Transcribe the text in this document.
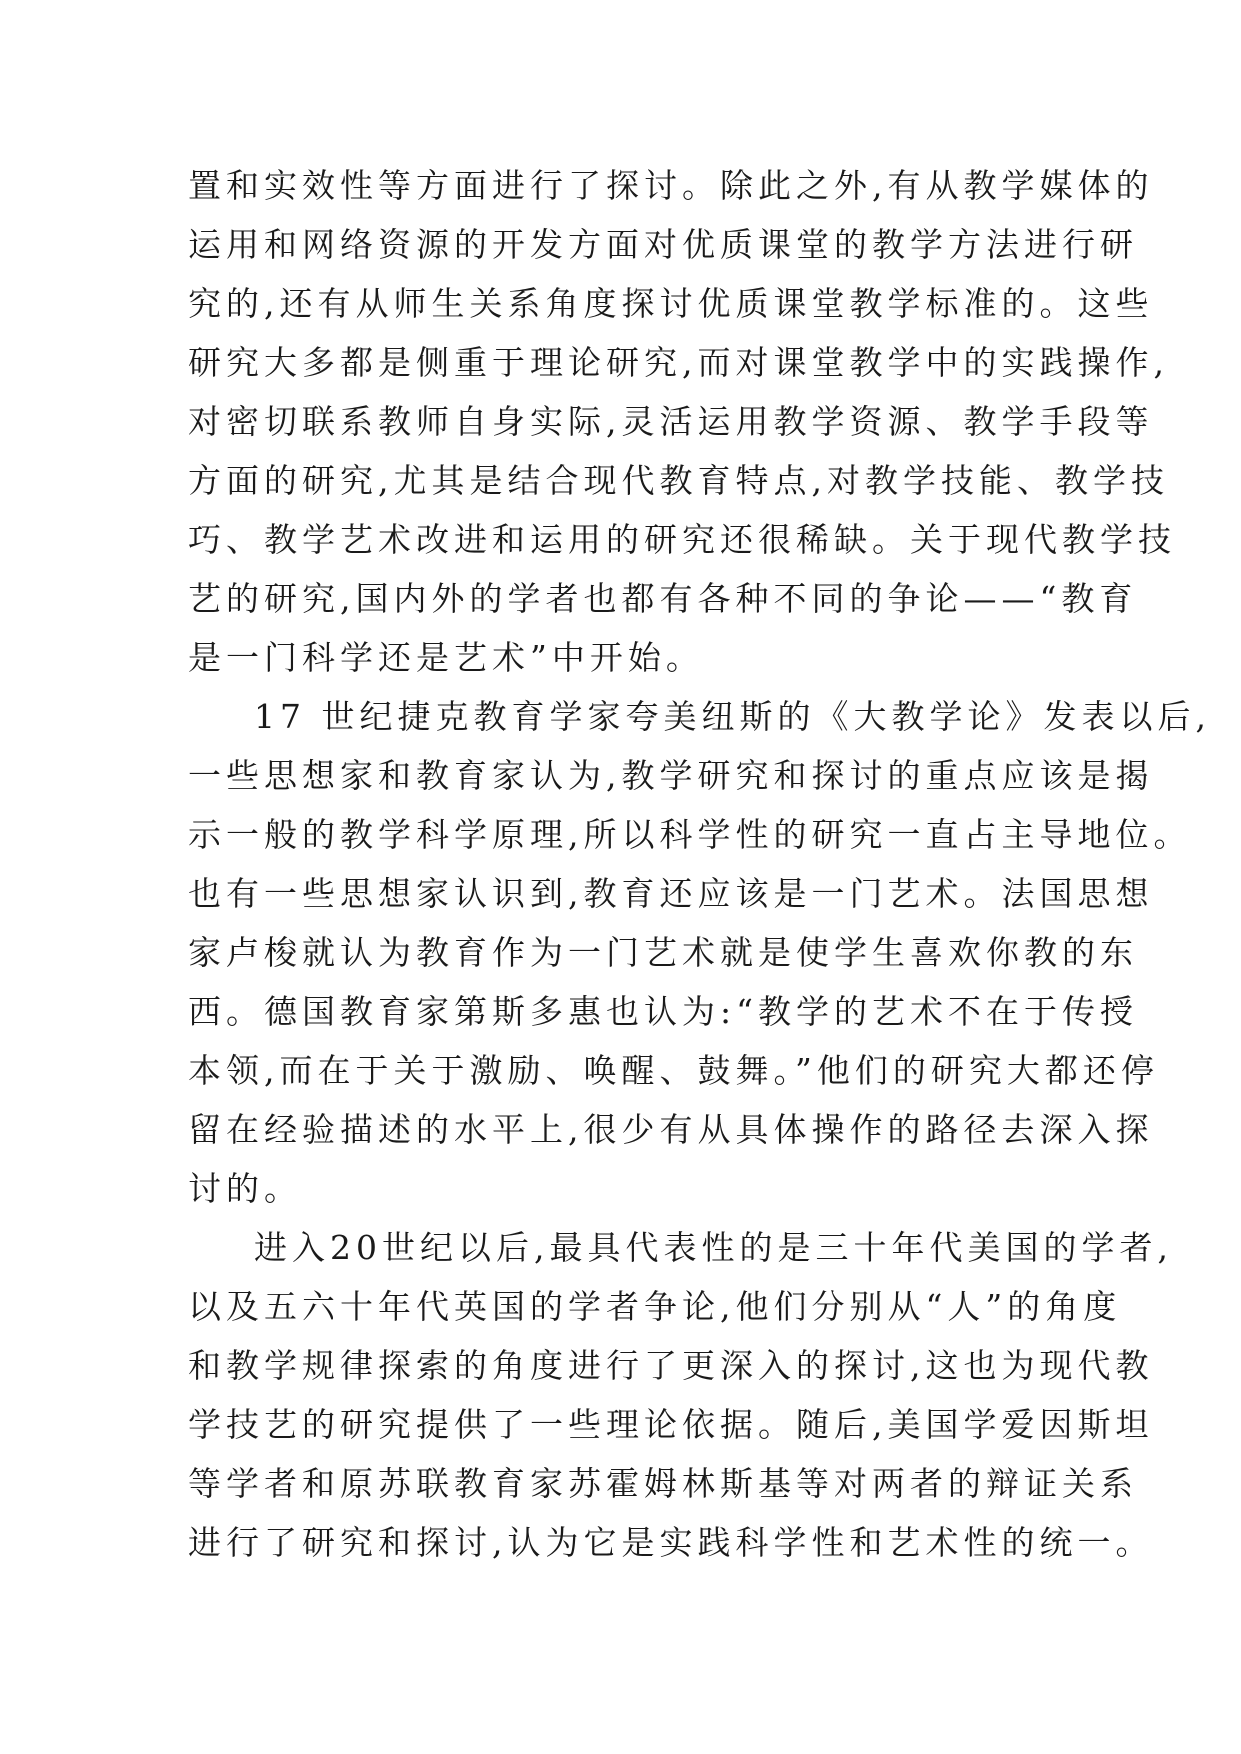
置和实效性等方面进行了探讨。除此之外,有从教学媒体的
运用和网络资源的开发方面对优质课堂的教学方法进行研
究的,还有从师生关系角度探讨优质课堂教学标准的。这些
研究大多都是侧重于理论研究,而对课堂教学中的实践操作,
对密切联系教师自身实际,灵活运用教学资源、教学手段等
方面的研究,尤其是结合现代教育特点,对教学技能、教学技
巧、教学艺术改进和运用的研究还很稀缺。关于现代教学技
艺的研究,国内外的学者也都有各种不同的争论——“教育
是一门科学还是艺术”中开始。
17 世纪捷克教育学家夸美纽斯的《大教学论》发表以后,
一些思想家和教育家认为,教学研究和探讨的重点应该是揭
示一般的教学科学原理,所以科学性的研究一直占主导地位。
也有一些思想家认识到,教育还应该是一门艺术。法国思想
家卢梭就认为教育作为一门艺术就是使学生喜欢你教的东
西。德国教育家第斯多惠也认为:“教学的艺术不在于传授
本领,而在于关于激励、唤醒、鼓舞。”他们的研究大都还停
留在经验描述的水平上,很少有从具体操作的路径去深入探
讨的。
进入20世纪以后,最具代表性的是三十年代美国的学者,
以及五六十年代英国的学者争论,他们分别从“人”的角度
和教学规律探索的角度进行了更深入的探讨,这也为现代教
学技艺的研究提供了一些理论依据。随后,美国学爱因斯坦
等学者和原苏联教育家苏霍姆林斯基等对两者的辩证关系
进行了研究和探讨,认为它是实践科学性和艺术性的统一。
